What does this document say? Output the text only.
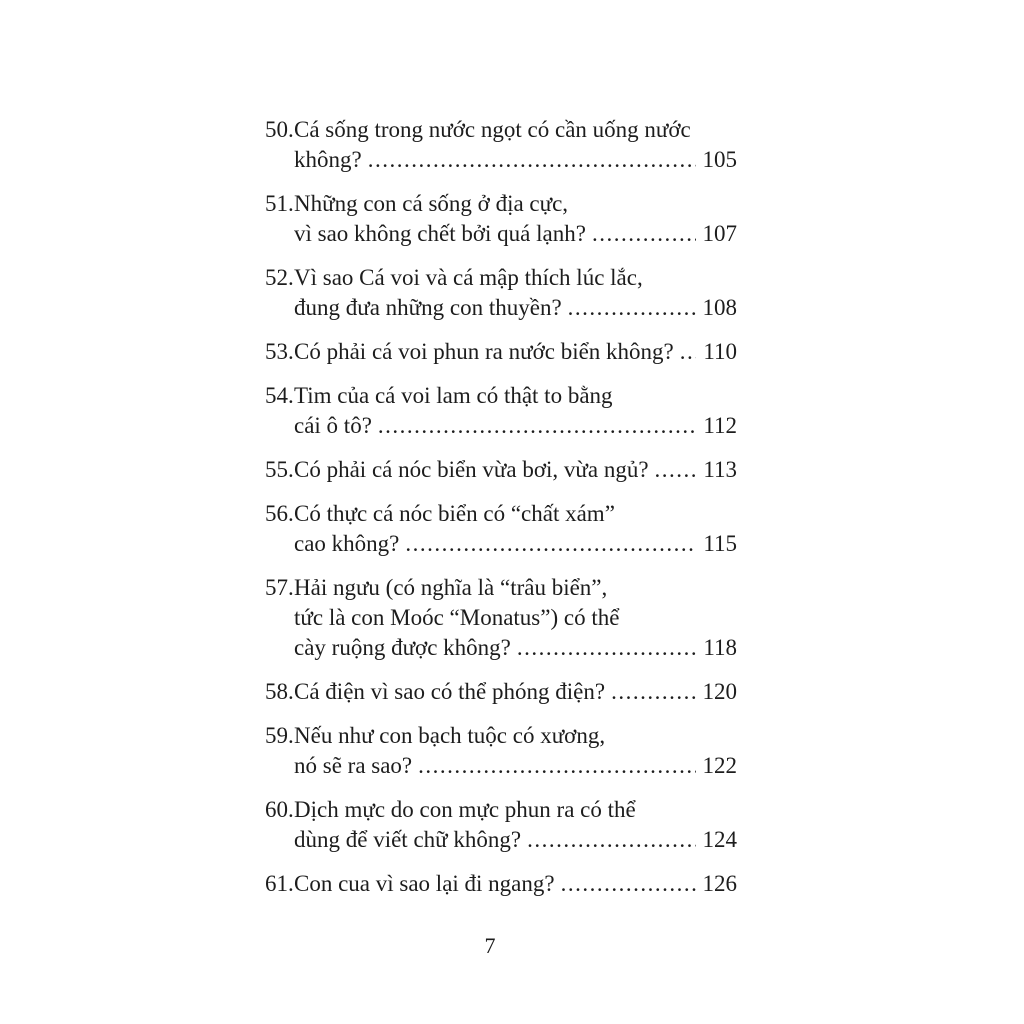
50. Cá sống trong nước ngọt có cần uống nước
không? .....	105
51. Những con cá sống ở địa cực,
vì sao không chết bởi quá lạnh? .....	107
52. Vì sao Cá voi và cá mập thích lúc lắc,
đung đưa những con thuyền? .....	108
53. Có phải cá voi phun ra nước biển không? ..... 110
54. Tim của cá voi lam có thật to bằng
cái ô tô? .....	112
55. Có phải cá nóc biển vừa bơi, vừa ngủ? ..... 113
56. Có thực cá nóc biển có “chất xám”
cao không? .....	115
57. Hải ngưu (có nghĩa là “trâu biển”,
tức là con Moóc “Monatus”) có thể
cày ruộng được không? .....	118
58. Cá điện vì sao có thể phóng điện? .....	120
59. Nếu như con bạch tuộc có xương,
nó sẽ ra sao? .....	122
60. Dịch mực do con mực phun ra có thể
dùng để viết chữ không? .....	124
61. Con cua vì sao lại đi ngang? .....	126
7
